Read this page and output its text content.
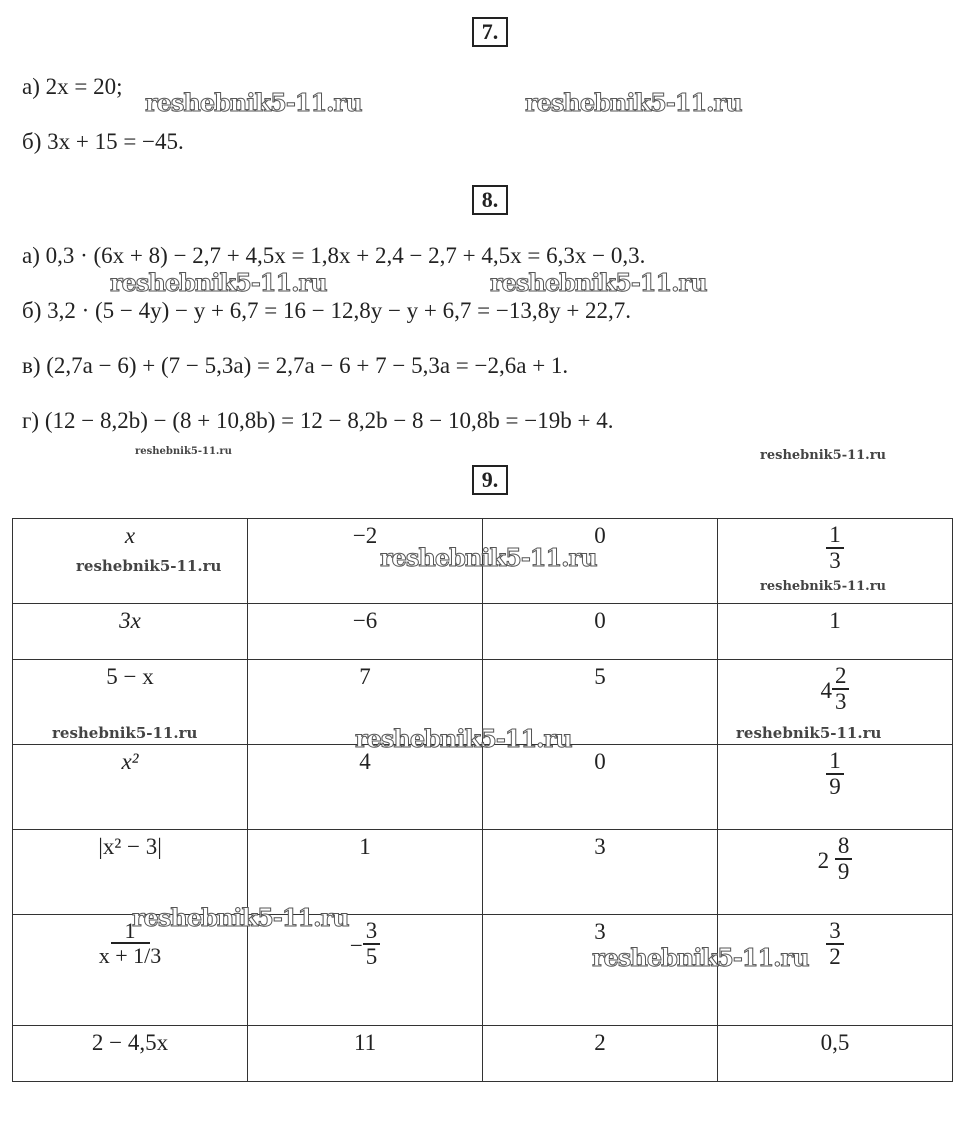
7.
а) 2x = 20;
б) 3x + 15 = −45.
8.
а) 0,3 · (6x + 8) − 2,7 + 4,5x = 1,8x + 2,4 − 2,7 + 4,5x = 6,3x − 0,3.
б) 3,2 · (5 − 4y) − y + 6,7 = 16 − 12,8y − y + 6,7 = −13,8y + 22,7.
в) (2,7a − 6) + (7 − 5,3a) = 2,7a − 6 + 7 − 5,3a = −2,6a + 1.
г) (12 − 8,2b) − (8 + 10,8b) = 12 − 8,2b − 8 − 10,8b = −19b + 4.
9.
x	−2	0	$\frac{1}{3}$

3x	−6	0	1
5 − x	7	5	$4 \frac{2}{3}$

x²	4	0	$\frac{1}{9}$

|x² − 3|	1	3	$2 \frac{8}{9}$

$\frac{1}{x + 1/3}$	− $\frac{3}{5}$	3	$\frac{3}{2}$

2 − 4,5x	11	2	0,5
reshebnik5-11.ru	reshebnik5-11.ru
reshebnik5-11.ru	reshebnik5-11.ru
reshebnik5-11.ru	reshebnik5-11.ru
reshebnik5-11.ru	reshebnik5-11.ru
reshebnik5-11.ru
reshebnik5-11.ru	reshebnik5-11.ru	reshebnik5-11.ru
reshebnik5-11.ru
reshebnik5-11.ru
